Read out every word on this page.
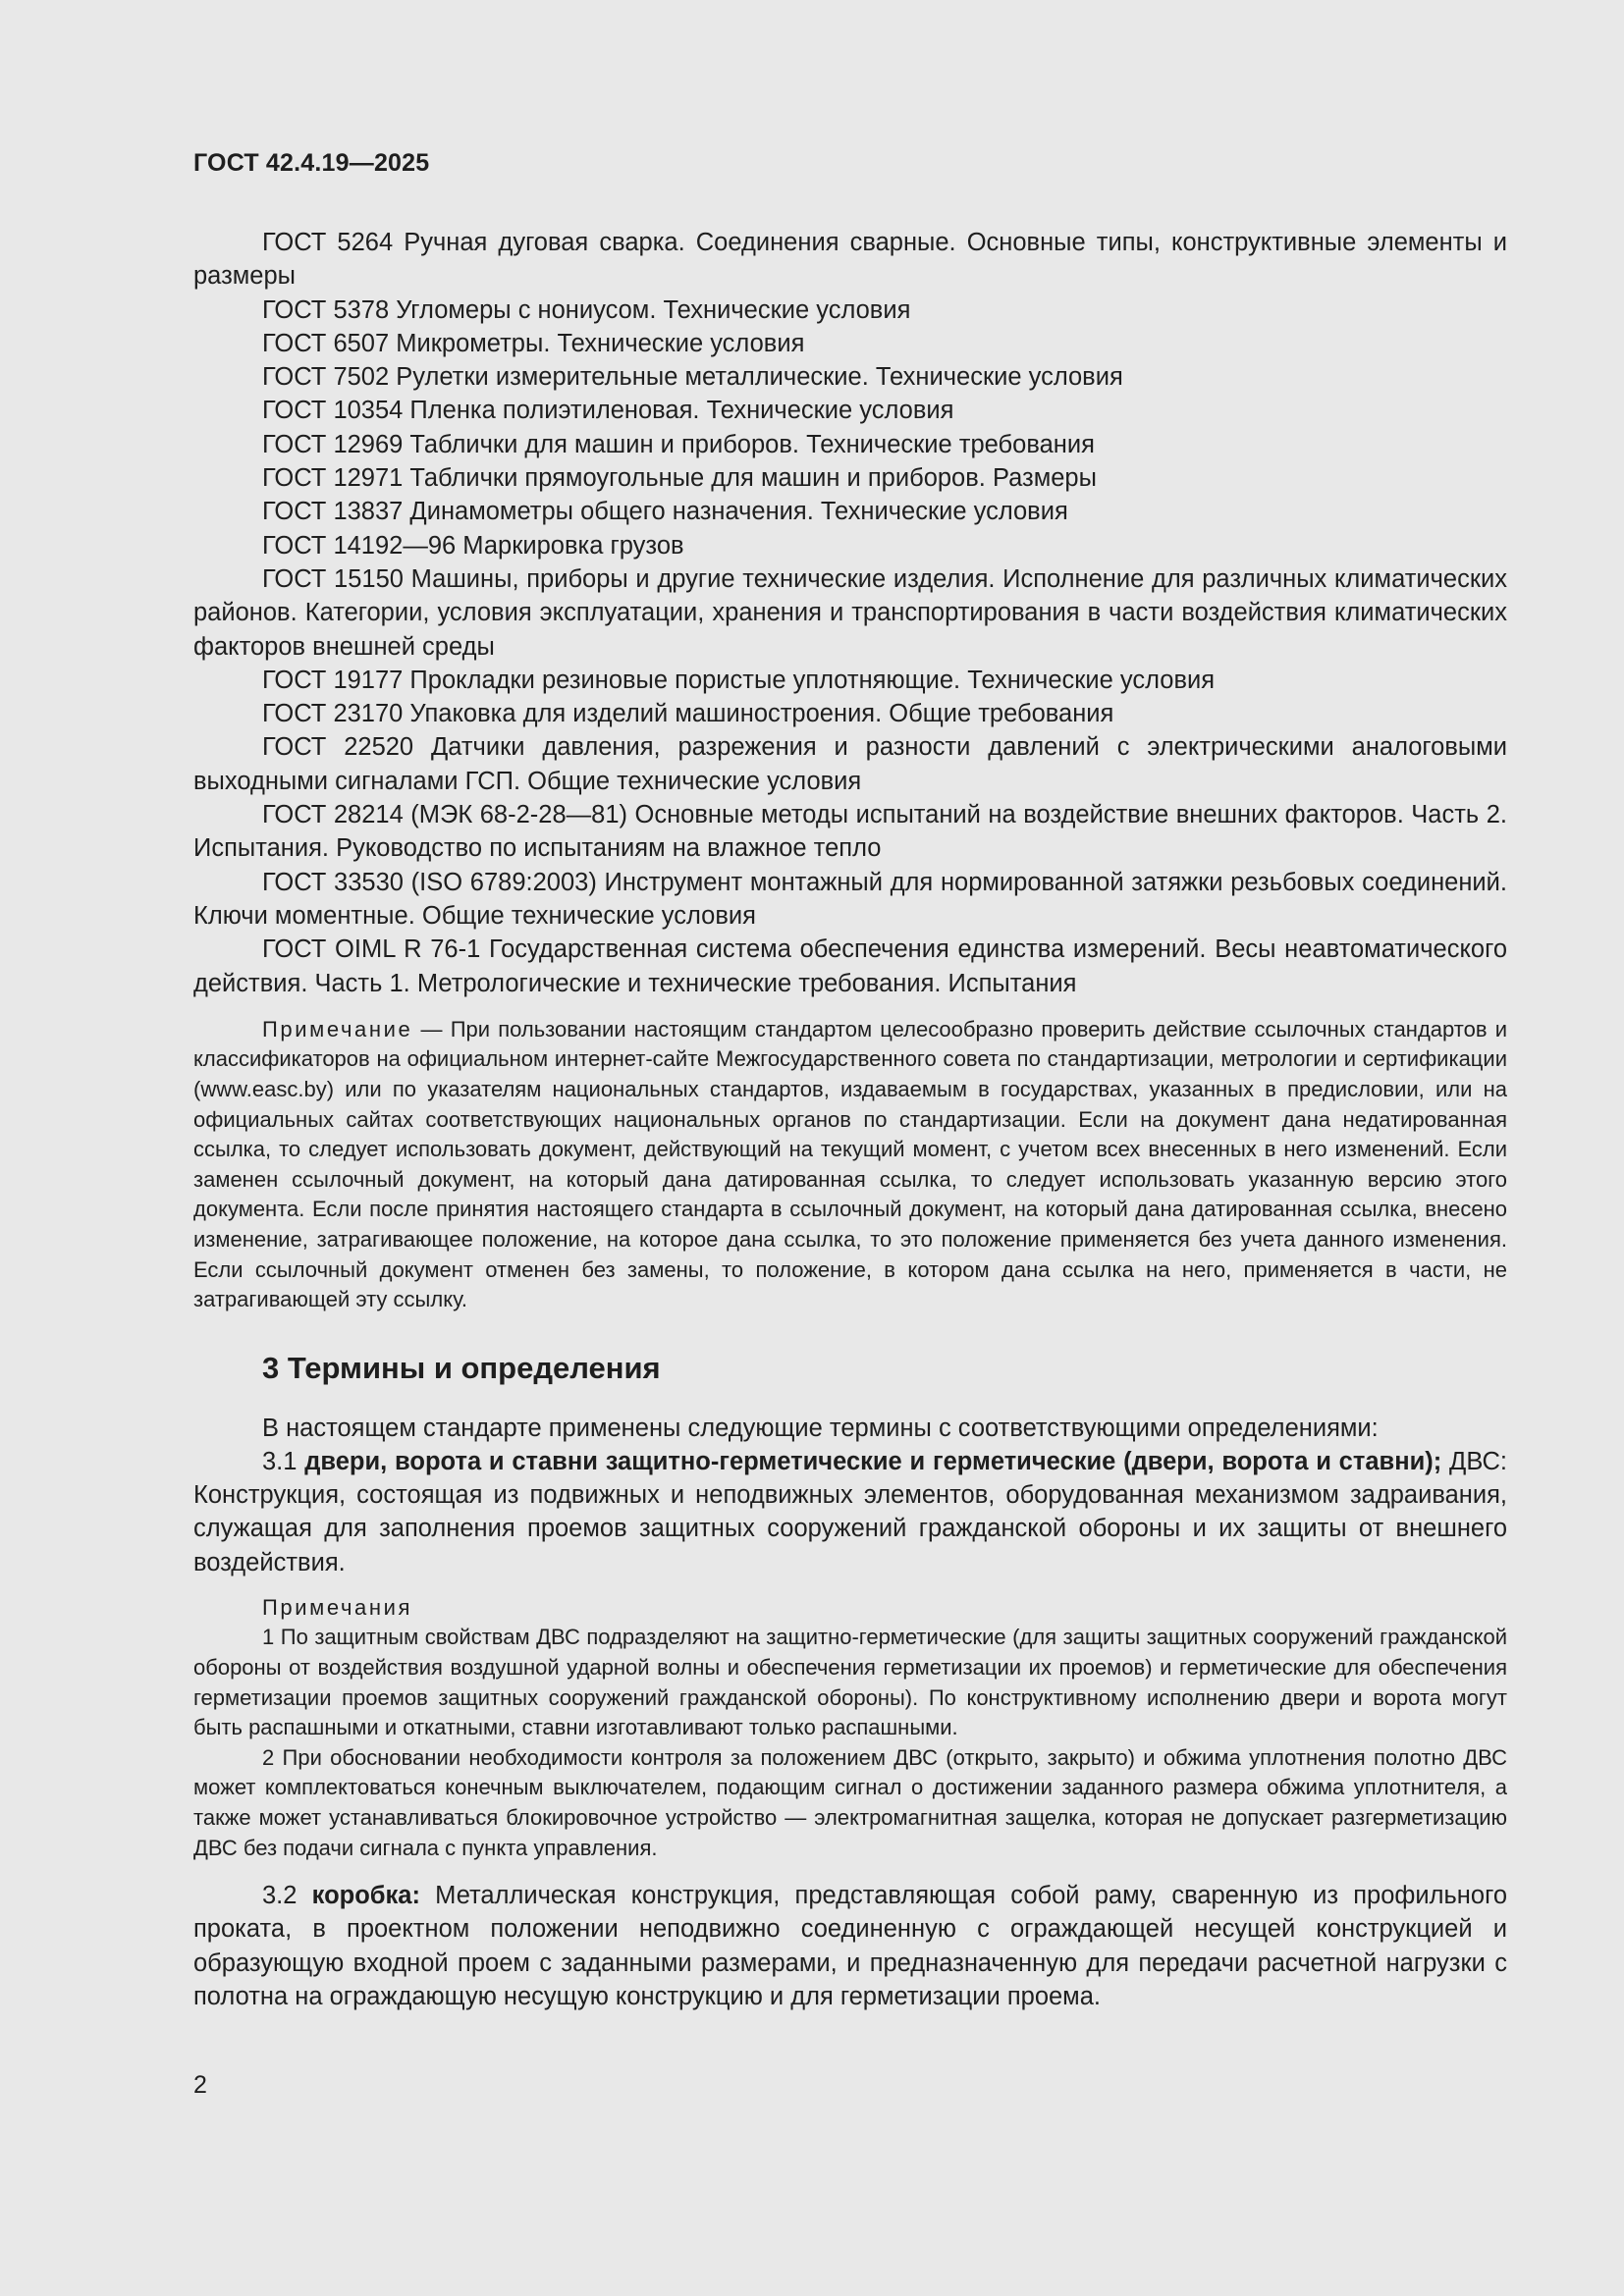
ГОСТ 42.4.19—2025

ГОСТ 5264 Ручная дуговая сварка. Соединения сварные. Основные типы, конструктивные элементы и размеры

ГОСТ 5378 Угломеры с нониусом. Технические условия

ГОСТ 6507 Микрометры. Технические условия

ГОСТ 7502 Рулетки измерительные металлические. Технические условия

ГОСТ 10354 Пленка полиэтиленовая. Технические условия

ГОСТ 12969 Таблички для машин и приборов. Технические требования

ГОСТ 12971 Таблички прямоугольные для машин и приборов. Размеры

ГОСТ 13837 Динамометры общего назначения. Технические условия

ГОСТ 14192—96 Маркировка грузов

ГОСТ 15150 Машины, приборы и другие технические изделия. Исполнение для различных климатических районов. Категории, условия эксплуатации, хранения и транспортирования в части воздействия климатических факторов внешней среды

ГОСТ 19177 Прокладки резиновые пористые уплотняющие. Технические условия

ГОСТ 23170 Упаковка для изделий машиностроения. Общие требования

ГОСТ 22520 Датчики давления, разрежения и разности давлений с электрическими аналоговыми выходными сигналами ГСП. Общие технические условия

ГОСТ 28214 (МЭК 68-2-28—81) Основные методы испытаний на воздействие внешних факторов. Часть 2. Испытания. Руководство по испытаниям на влажное тепло

ГОСТ 33530 (ISO 6789:2003) Инструмент монтажный для нормированной затяжки резьбовых соединений. Ключи моментные. Общие технические условия

ГОСТ OIML R 76-1 Государственная система обеспечения единства измерений. Весы неавтоматического действия. Часть 1. Метрологические и технические требования. Испытания

Примечание — При пользовании настоящим стандартом целесообразно проверить действие ссылочных стандартов и классификаторов на официальном интернет-сайте Межгосударственного совета по стандартизации, метрологии и сертификации (www.easc.by) или по указателям национальных стандартов, издаваемым в государствах, указанных в предисловии, или на официальных сайтах соответствующих национальных органов по стандартизации. Если на документ дана недатированная ссылка, то следует использовать документ, действующий на текущий момент, с учетом всех внесенных в него изменений. Если заменен ссылочный документ, на который дана датированная ссылка, то следует использовать указанную версию этого документа. Если после принятия настоящего стандарта в ссылочный документ, на который дана датированная ссылка, внесено изменение, затрагивающее положение, на которое дана ссылка, то это положение применяется без учета данного изменения. Если ссылочный документ отменен без замены, то положение, в котором дана ссылка на него, применяется в части, не затрагивающей эту ссылку.

3 Термины и определения

В настоящем стандарте применены следующие термины с соответствующими определениями:

3.1 двери, ворота и ставни защитно-герметические и герметические (двери, ворота и ставни); ДВС: Конструкция, состоящая из подвижных и неподвижных элементов, оборудованная механизмом задраивания, служащая для заполнения проемов защитных сооружений гражданской обороны и их защиты от внешнего воздействия.

Примечания

1 По защитным свойствам ДВС подразделяют на защитно-герметические (для защиты защитных сооружений гражданской обороны от воздействия воздушной ударной волны и обеспечения герметизации их проемов) и герметические для обеспечения герметизации проемов защитных сооружений гражданской обороны). По конструктивному исполнению двери и ворота могут быть распашными и откатными, ставни изготавливают только распашными.

2 При обосновании необходимости контроля за положением ДВС (открыто, закрыто) и обжима уплотнения полотно ДВС может комплектоваться конечным выключателем, подающим сигнал о достижении заданного размера обжима уплотнителя, а также может устанавливаться блокировочное устройство — электромагнитная защелка, которая не допускает разгерметизацию ДВС без подачи сигнала с пункта управления.

3.2 коробка: Металлическая конструкция, представляющая собой раму, сваренную из профильного проката, в проектном положении неподвижно соединенную с ограждающей несущей конструкцией и образующую входной проем с заданными размерами, и предназначенную для передачи расчетной нагрузки с полотна на ограждающую несущую конструкцию и для герметизации проема.

2
